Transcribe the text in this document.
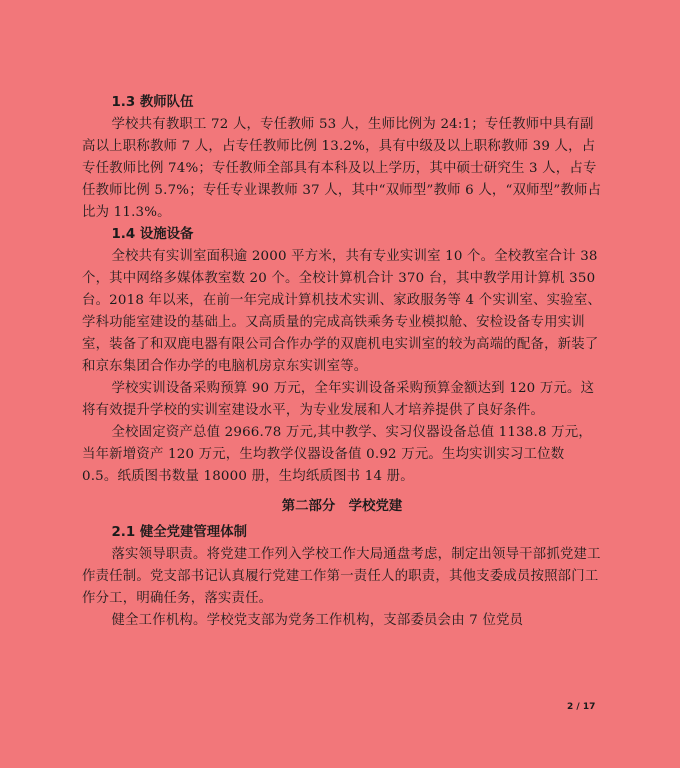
1.3 教师队伍

学校共有教职工 72 人，专任教师 53 人，生师比例为 24:1；专任教师中具有副高以上职称教师 7 人，占专任教师比例 13.2%，具有中级及以上职称教师 39 人，占专任教师比例 74%；专任教师全部具有本科及以上学历，其中硕士研究生 3 人，占专任教师比例 5.7%；专任专业课教师 37 人，其中“双师型”教师 6 人，“双师型”教师占比为 11.3%。

1.4 设施设备

全校共有实训室面积逾 2000 平方米，共有专业实训室 10 个。全校教室合计 38 个，其中网络多媒体教室数 20 个。全校计算机合计 370 台，其中教学用计算机 350 台。2018 年以来，在前一年完成计算机技术实训、家政服务等 4 个实训室、实验室、学科功能室建设的基础上。又高质量的完成高铁乘务专业模拟舱、安检设备专用实训室，装备了和双鹿电器有限公司合作办学的双鹿机电实训室的较为高端的配备，新装了和京东集团合作办学的电脑机房京东实训室等。

学校实训设备采购预算 90 万元，全年实训设备采购预算金额达到 120 万元。这将有效提升学校的实训室建设水平，为专业发展和人才培养提供了良好条件。

全校固定资产总值 2966.78 万元,其中教学、实习仪器设备总值 1138.8 万元，当年新增资产 120 万元，生均教学仪器设备值 0.92 万元。生均实训实习工位数 0.5。纸质图书数量 18000 册，生均纸质图书 14 册。

第二部分　学校党建

2.1 健全党建管理体制

落实领导职责。将党建工作列入学校工作大局通盘考虑，制定出领导干部抓党建工作责任制。党支部书记认真履行党建工作第一责任人的职责，其他支委成员按照部门工作分工，明确任务，落实责任。

健全工作机构。学校党支部为党务工作机构，支部委员会由 7 位党员

2 / 17
